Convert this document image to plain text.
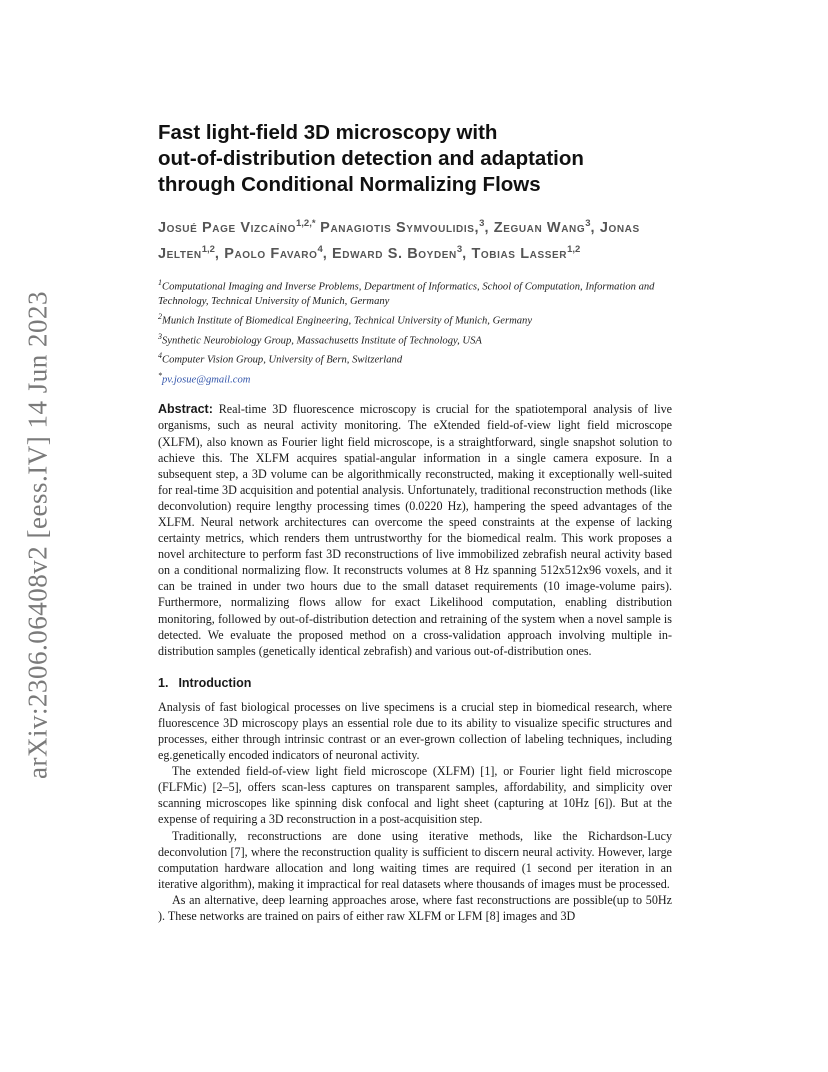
arXiv:2306.06408v2 [eess.IV] 14 Jun 2023
Fast light-field 3D microscopy with
out-of-distribution detection and adaptation
through Conditional Normalizing Flows
Josué Page Vizcaíno$^{1,2,*}$ Panagiotis Symvoulidis,$^3$, Zeguan Wang$^3$, Jonas Jelten$^{1,2}$, Paolo Favaro$^4$, Edward S. Boyden$^3$, Tobias Lasser$^{1,2}$
$^1$Computational Imaging and Inverse Problems, Department of Informatics, School of Computation, Information and Technology, Technical University of Munich, Germany
$^2$Munich Institute of Biomedical Engineering, Technical University of Munich, Germany
$^3$Synthetic Neurobiology Group, Massachusetts Institute of Technology, USA
$^4$Computer Vision Group, University of Bern, Switzerland
*pv.josue@gmail.com

Abstract: Real-time 3D fluorescence microscopy is crucial for the spatiotemporal analysis of live organisms, such as neural activity monitoring. The eXtended field-of-view light field microscope (XLFM), also known as Fourier light field microscope, is a straightforward, single snapshot solution to achieve this. The XLFM acquires spatial-angular information in a single camera exposure. In a subsequent step, a 3D volume can be algorithmically reconstructed, making it exceptionally well-suited for real-time 3D acquisition and potential analysis. Unfortunately, traditional reconstruction methods (like deconvolution) require lengthy processing times (0.0220 Hz), hampering the speed advantages of the XLFM. Neural network architectures can overcome the speed constraints at the expense of lacking certainty metrics, which renders them untrustworthy for the biomedical realm. This work proposes a novel architecture to perform fast 3D reconstructions of live immobilized zebrafish neural activity based on a conditional normalizing flow. It reconstructs volumes at 8 Hz spanning 512x512x96 voxels, and it can be trained in under two hours due to the small dataset requirements (10 image-volume pairs). Furthermore, normalizing flows allow for exact Likelihood computation, enabling distribution monitoring, followed by out-of-distribution detection and retraining of the system when a novel sample is detected. We evaluate the proposed method on a cross-validation approach involving multiple in-distribution samples (genetically identical zebrafish) and various out-of-distribution ones.

1. Introduction

Analysis of fast biological processes on live specimens is a crucial step in biomedical research, where fluorescence 3D microscopy plays an essential role due to its ability to visualize specific structures and processes, either through intrinsic contrast or an ever-grown collection of labeling techniques, including eg.genetically encoded indicators of neuronal activity.

The extended field-of-view light field microscope (XLFM) [1], or Fourier light field microscope (FLFMic) [2–5], offers scan-less captures on transparent samples, affordability, and simplicity over scanning microscopes like spinning disk confocal and light sheet (capturing at 10Hz [6]). But at the expense of requiring a 3D reconstruction in a post-acquisition step.

Traditionally, reconstructions are done using iterative methods, like the Richardson-Lucy deconvolution [7], where the reconstruction quality is sufficient to discern neural activity. However, large computation hardware allocation and long waiting times are required (1 second per iteration in an iterative algorithm), making it impractical for real datasets where thousands of images must be processed.

As an alternative, deep learning approaches arose, where fast reconstructions are possible(up to 50Hz ). These networks are trained on pairs of either raw XLFM or LFM [8] images and 3D
